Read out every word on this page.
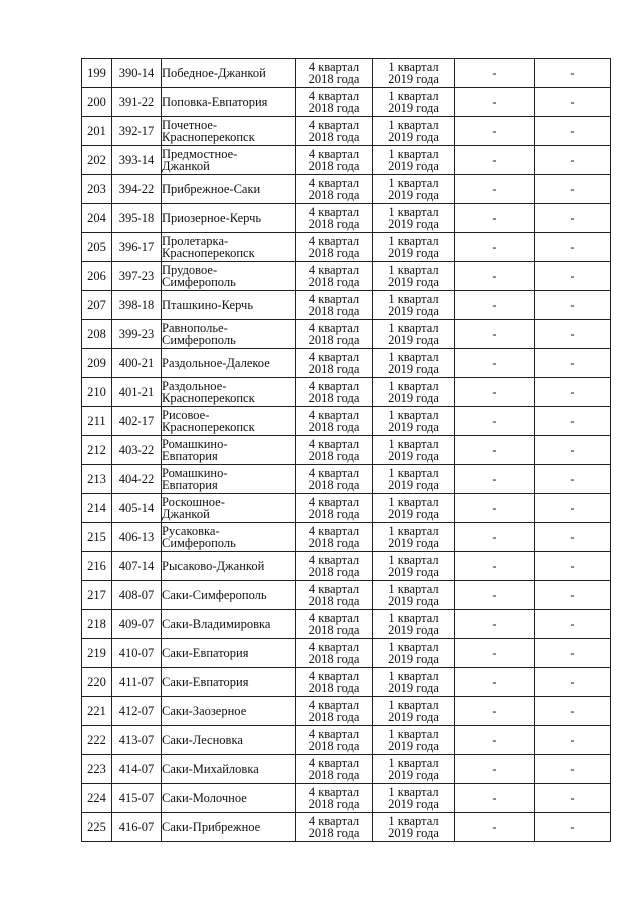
199	390-14	Победное-Джанкой	4 квартал
2018 года	1 квартал
2019 года	-	-
200	391-22	Поповка-Евпатория	4 квартал
2018 года	1 квартал
2019 года	-	-
201	392-17	Почетное-
Красноперекопск	4 квартал
2018 года	1 квартал
2019 года	-	-
202	393-14	Предмостное-
Джанкой	4 квартал
2018 года	1 квартал
2019 года	-	-
203	394-22	Прибрежное-Саки	4 квартал
2018 года	1 квартал
2019 года	-	-
204	395-18	Приозерное-Керчь	4 квартал
2018 года	1 квартал
2019 года	-	-
205	396-17	Пролетарка-
Красноперекопск	4 квартал
2018 года	1 квартал
2019 года	-	-
206	397-23	Прудовое-
Симферополь	4 квартал
2018 года	1 квартал
2019 года	-	-
207	398-18	Пташкино-Керчь	4 квартал
2018 года	1 квартал
2019 года	-	-
208	399-23	Равнополье-
Симферополь	4 квартал
2018 года	1 квартал
2019 года	-	-
209	400-21	Раздольное-Далекое	4 квартал
2018 года	1 квартал
2019 года	-	-
210	401-21	Раздольное-
Красноперекопск	4 квартал
2018 года	1 квартал
2019 года	-	-
211	402-17	Рисовое-
Красноперекопск	4 квартал
2018 года	1 квартал
2019 года	-	-
212	403-22	Ромашкино-
Евпатория	4 квартал
2018 года	1 квартал
2019 года	-	-
213	404-22	Ромашкино-
Евпатория	4 квартал
2018 года	1 квартал
2019 года	-	-
214	405-14	Роскошное-
Джанкой	4 квартал
2018 года	1 квартал
2019 года	-	-
215	406-13	Русаковка-
Симферополь	4 квартал
2018 года	1 квартал
2019 года	-	-
216	407-14	Рысаково-Джанкой	4 квартал
2018 года	1 квартал
2019 года	-	-
217	408-07	Саки-Симферополь	4 квартал
2018 года	1 квартал
2019 года	-	-
218	409-07	Саки-Владимировка	4 квартал
2018 года	1 квартал
2019 года	-	-
219	410-07	Саки-Евпатория	4 квартал
2018 года	1 квартал
2019 года	-	-
220	411-07	Саки-Евпатория	4 квартал
2018 года	1 квартал
2019 года	-	-
221	412-07	Саки-Заозерное	4 квартал
2018 года	1 квартал
2019 года	-	-
222	413-07	Саки-Лесновка	4 квартал
2018 года	1 квартал
2019 года	-	-
223	414-07	Саки-Михайловка	4 квартал
2018 года	1 квартал
2019 года	-	-
224	415-07	Саки-Молочное	4 квартал
2018 года	1 квартал
2019 года	-	-
225	416-07	Саки-Прибрежное	4 квартал
2018 года	1 квартал
2019 года	-	-
